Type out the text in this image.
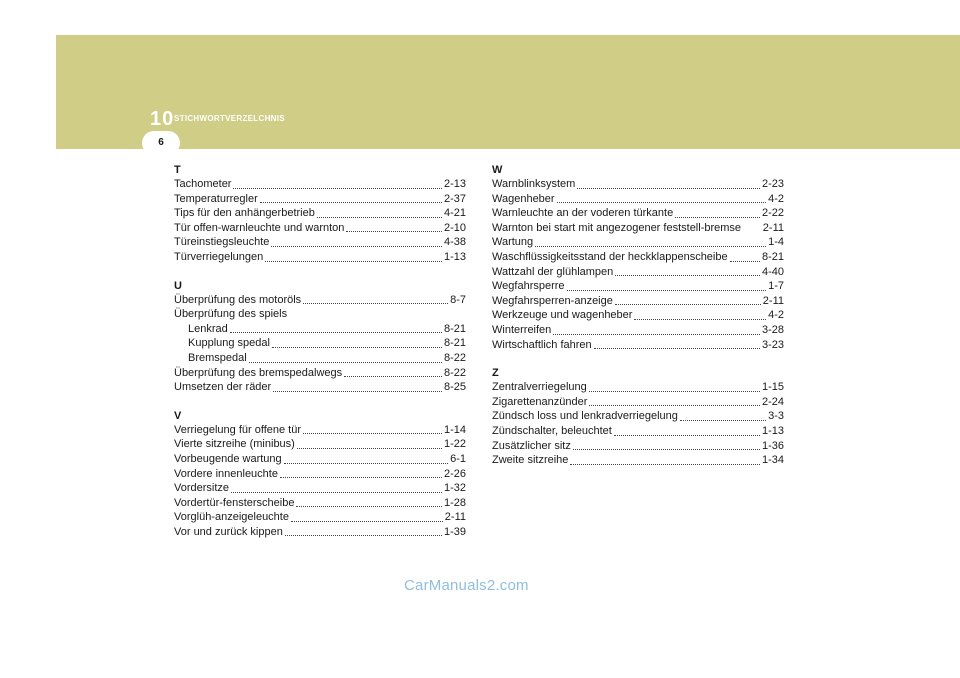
10 STICHWORTVERZELCHNIS
6
T
Tachometer	2-13
Temperaturregler	2-37
Tips für den anhängerbetrieb	4-21
Tür offen-warnleuchte und warnton	2-10
Türeinstiegsleuchte	4-38
Türverriegelungen	1-13
U
Überprüfung des motoröls	8-7
Überprüfung des spiels
Lenkrad	8-21
Kupplung spedal	8-21
Bremspedal	8-22
Überprüfung des bremspedalwegs	8-22
Umsetzen der räder	8-25
V
Verriegelung für offene tür	1-14
Vierte sitzreihe (minibus)	1-22
Vorbeugende wartung	6-1
Vordere innenleuchte	2-26
Vordersitze	1-32
Vordertür-fensterscheibe	1-28
Vorglüh-anzeigeleuchte	2-11
Vor und zurück kippen	1-39
W
Warnblinksystem	2-23
Wagenheber	4-2
Warnleuchte an der voderen türkante	2-22
Warnton bei start mit angezogener feststell-bremse 2-11
Wartung	1-4
Waschflüssigkeitsstand der heckklappenscheibe	8-21
Wattzahl der glühlampen	4-40
Wegfahrsperre	1-7
Wegfahrsperren-anzeige	2-11
Werkzeuge und wagenheber	4-2
Winterreifen	3-28
Wirtschaftlich fahren	3-23
Z
Zentralverriegelung	1-15
Zigarettenanzünder	2-24
Zündsch loss und lenkradverriegelung	3-3
Zündschalter, beleuchtet	1-13
Zusätzlicher sitz	1-36
Zweite sitzreihe	1-34
CarManuals2.com
